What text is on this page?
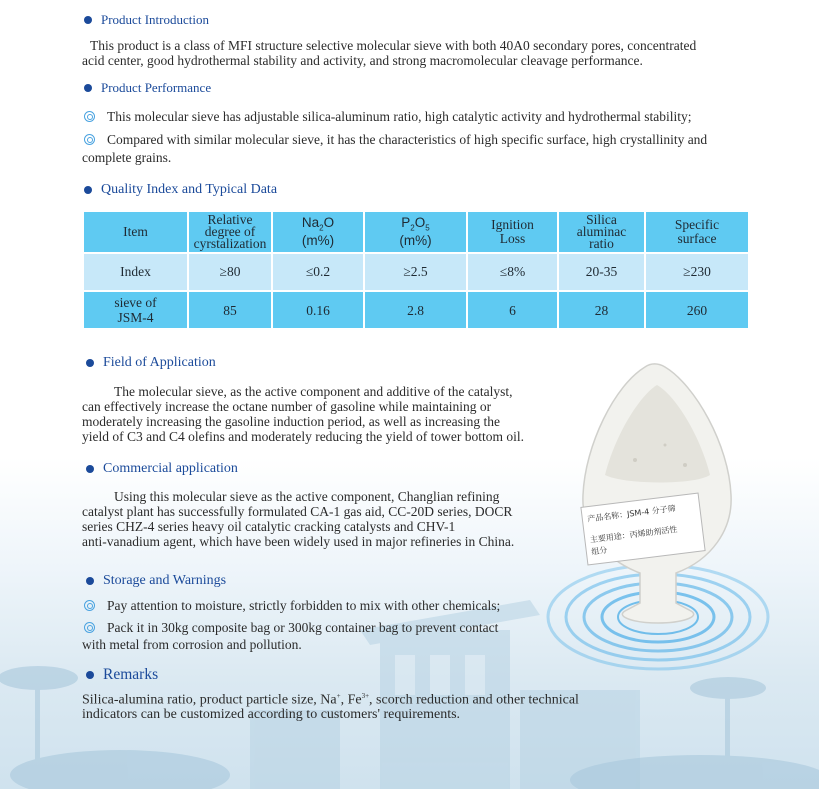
产品名称：JSM-4 分子筛
主要用途：丙烯助剂活性
组分
Product Introduction

This product is a class of MFI structure selective molecular sieve with both 40A0 secondary pores, concentrated

acid center, good hydrothermal stability and activity, and strong macromolecular cleavage performance.

Product Performance

This molecular sieve has adjustable silica-aluminum ratio, high catalytic activity and hydrothermal stability;

Compared with similar molecular sieve, it has the characteristics of high specific surface, high crystallinity and

complete grains.

Quality Index and Typical Data
Item	Relative
degree of
cyrstalization	$Na_2O$
(m%)	$P_2O_5$
(m%)	Ignition
Loss	Silica
aluminac
ratio	Specific
surface
Index	≥80	≤0.2	≥2.5	≤8%	20-35	≥230
sieve of
JSM-4	85	0.16	2.8	6	28	260
Field of Application

The molecular sieve, as the active component and additive of the catalyst,

can effectively increase the octane number of gasoline while maintaining or

moderately increasing the gasoline induction period, as well as increasing the

yield of C3 and C4 olefins and moderately reducing the yield of tower bottom oil.

Commercial application

Using this molecular sieve as the active component, Changlian refining

catalyst plant has successfully formulated CA-1 gas aid, CC-20D series, DOCR

series CHZ-4 series heavy oil catalytic cracking catalysts and CHV-1

anti-vanadium agent, which have been widely used in major refineries in China.

Storage and Warnings

Pay attention to moisture, strictly forbidden to mix with other chemicals;

Pack it in 30kg composite bag or 300kg container bag to prevent contact

with metal from corrosion and pollution.

Remarks

Silica-alumina ratio, product particle size, Na+, $Fe^{3+}$, scorch reduction and other technical

indicators can be customized according to customers' requirements.
